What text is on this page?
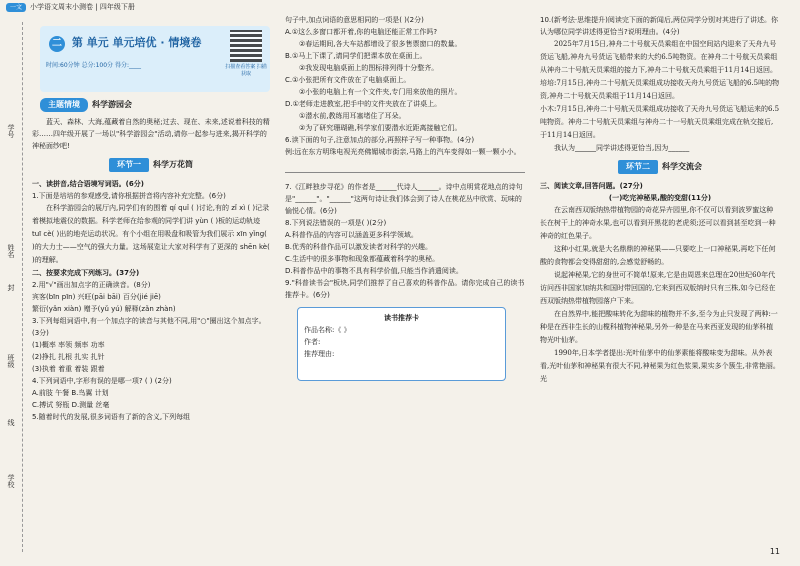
一文	小学语文周末小测卷 | 四年级下册
学号
姓名
封
班级
线
学校
二 第 单元 单元培优 · 情境卷
时间:60分钟 总分:100分 得分:____	扫描查看答案 扫描获取
主题情境	科学游园会

蓝天、森林、大海,蕴藏着自然的奥秘;过去、现在、未来,述说着科技的精彩……四年级开展了一场以"科学游园会"活动,请你一起参与进来,揭开科学的神秘面纱吧!

环节一	科学万花筒

一、读拼音,结合语境写词语。(6分)

1.下面是培培的参观感受,请你根据拼音将内容补充完整。(6分)

在科学游园会的展厅内,同学们有的围着 qí quǐ ( )讨论,有的 zǐ xì ( )记录着模拟地震仪的数据。科学老师在给参观的同学们讲 yùn ( )板的运动轨迹 tuī cè( )出的地壳运动状况。有个小组在用吸盘和吸管为我们展示 xīn yǐng( )的大力士——空气的强大力量。这场展览让大家对科学有了更深的 shēn kè( )的理解。

二、按要求完成下列练习。(37分)

2.用"√"画出加点字的正确读音。(8分)

宾客(bīn pīn) 兴旺(pāi bāi) 百分(jié jiē)

繁衍(yǎn xiàn) 赠予(yǔ yú) 解释(zǎn zhàn)

3.下列每组词语中,有一个加点字的读音与其他不同,用"○"圈出这个加点字。(3分)

(1)概率 率领 频率 功率

(2)挣扎 扎根 扎实 扎针

(3)执着 着重 着装 跟着

4.下列词语中,字形有误的是哪一项? ( ) (2分)

A.前肢 午餐 B.鸟翼 计划

C.搏试 努瓶 D.测量 丝毫

5.随着时代的发展,很多词语有了新的含义,下列每组

句子中,加点词语的意思相同的一项是( )(2分)

A.①这么多窗口都开着,你的电脑还能正常工作吗?

②春运期间,各大车站都增设了很多售票窗口的数量。

B.①马上下课了,请同学们把课本放在桌面上。

②我发现电脑桌面上的图标排列得十分整齐。

C.①小张把所有文件放在了电脑桌面上。

②小张的电脑上有一个文件夹,专门用来放他的照片。

D.①老师走进教室,把手中的文件夹放在了讲桌上。

①潜水前,教练用耳塞堵住了耳朵。

②为了研究珊瑚礁,科学家们要潜水近距离接触它们。

6.读下面的句子,注意加点的部分,再照样子写一种事物。(4分)

例:远在东方明珠电视光亮佛媚城市街亲,马路上的汽车变得如一颗一颗小小。

7.《江畔独步寻花》的作者是______代诗人______。诗中点明赏花地点的诗句是"______"。"______"这两句诗让我们体会到了诗人在桃花丛中欣赏、玩味的愉悦心情。(6分)

8.下列说法错误的一项是( )(2分)

A.科普作品的内容可以涵盖更多科学领域。

B.优秀的科普作品可以激发读者对科学的兴趣。

C.生活中的很多事物和现象都蕴藏着科学的奥秘。

D.科普作品中的事物不具有科学价值,只能当作消遣阅读。

9."科普读书会"板块,同学们推荐了自己喜欢的科普作品。请你完成自己的读书推荐卡。(6分)

读书推荐卡

作品名称:《 》

作者:

推荐理由:

10.(新考法·思维提升)阅读完下面的新闻后,两位同学分别对其进行了讲述。你认为哪位同学讲述得更恰当?说明理由。(4分)

2025年7月15日,神舟二十号航天员乘组在中国空间站内迎来了天舟九号货运飞船,神舟九号货运飞船带来的大约6.5吨物资。在神舟二十号航天员乘组从神舟二十号航天员乘组的接力下,神舟二十号航天员乘组于11月14日返回。

培培:7月15日,神舟二十号航天员乘组成功接收天舟九号货运飞船的6.5吨的物资,神舟二十号航天员乘组于11月14日返回。

小木:7月15日,神舟二十号航天员乘组成功接收了天舟九号货运飞船运来的6.5吨物资。神舟二十号航天员乘组与神舟二十一号航天员乘组完成在轨交接后,于11月14日返回。

我认为______同学讲述得更恰当,因为______

环节二	科学交流会

三、阅读文章,回答问题。(27分)

(一)吃完神秘果,酸的变甜(11分)

在云南西双版纳热带植物园的奇花异卉园里,你不仅可以看到波罗蜜这种长在树干上的神奇水果,也可以看到开黑花的老虎须;还可以看到甚至吃到一种神奇的红色果子。

这种小红果,就是大名鼎鼎的神秘果——只要吃上一口神秘果,再吃下任何酸的食物都会变得甜甜的,会感觉舒畅的。

说起神秘果,它的身世可不简单!原来,它是由周恩来总理在20世纪60年代访问西非国家加纳共和国时带回国的,它来到西双版纳时只有三株,如今已经在西双版纳热带植物园落户下来。

在自然界中,能把酸味转化为甜味的植物并不多,至今为止只发现了两种:一种是在西非生长的山榄科植物神秘果,另外一种是在马来西亚发现的仙茅科植物光叶仙茅。

1990年,日本学者提出:光叶仙茅中的仙茅素能将酸味变为甜味。从外表看,光叶仙茅和神秘果有很大不同,神秘果为红色浆果,果实多个簇生,非常艳丽。光

11
